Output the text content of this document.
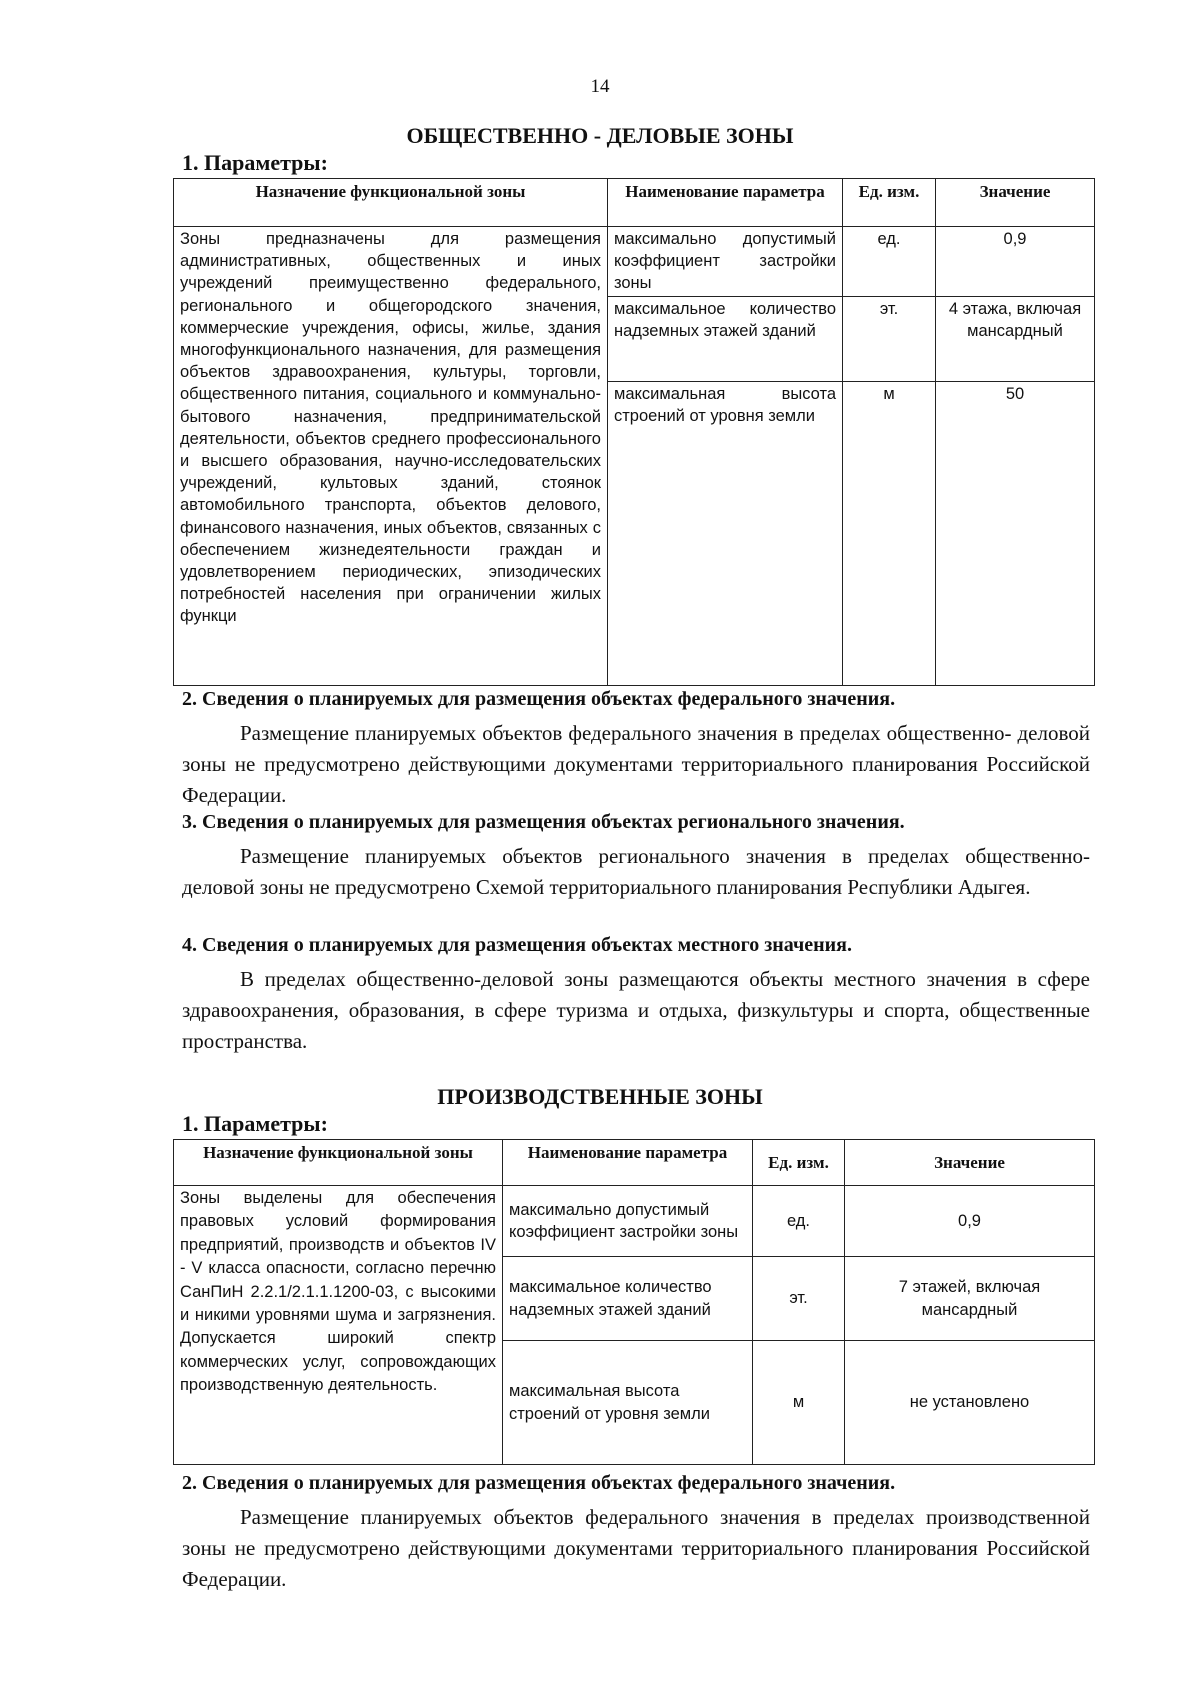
14
ОБЩЕСТВЕННО - ДЕЛОВЫЕ ЗОНЫ
1. Параметры:
Назначение функциональной зоны	Наименование параметра	Ед. изм.	Значение
Зоны предназначены для размещения административных, общественных и иных учреждений преимущественно федерального, регионального и общегородского значения, коммерческие учреждения, офисы, жилье, здания многофункционального назначения, для размещения объектов здравоохранения, культуры, торговли, общественного питания, социального и коммунально-бытового назначения, предпринимательской деятельности, объектов среднего профессионального и высшего образования, научно-исследовательских учреждений, культовых зданий, стоянок автомобильного транспорта, объектов делового, финансового назначения, иных объектов, связанных с обеспечением жизнедеятельности граждан и удовлетворением периодических, эпизодических потребностей населения при ограничении жилых функци	максимально допустимый коэффициент застройки зоны	ед.	0,9
	максимальное количество надземных этажей зданий	эт.	4 этажа, включая мансардный
	максимальная высота строений от уровня земли	м	50
2. Сведения о планируемых для размещения объектах федерального значения.
Размещение планируемых объектов федерального значения в пределах общественно- деловой зоны не предусмотрено действующими документами территориального планирования Российской Федерации.
3. Сведения о планируемых для размещения объектах регионального значения.
Размещение планируемых объектов регионального значения в пределах общественно- деловой зоны не предусмотрено Схемой территориального планирования Республики Адыгея.
4. Сведения о планируемых для размещения объектах местного значения.
В пределах общественно-деловой зоны размещаются объекты местного значения в сфере здравоохранения, образования, в сфере туризма и отдыха, физкультуры и спорта, общественные пространства.
ПРОИЗВОДСТВЕННЫЕ ЗОНЫ
1. Параметры:
Назначение функциональной зоны	Наименование параметра	Ед. изм.	Значение
Зоны выделены для обеспечения правовых условий формирования предприятий, производств и объектов IV - V класса опасности, согласно перечню СанПиН 2.2.1/2.1.1.1200-03, с высокими и никими уровнями шума и загрязнения. Допускается широкий спектр коммерческих услуг, сопровождающих производственную деятельность.	максимально допустимый коэффициент застройки зоны	ед.	0,9
	максимальное количество надземных этажей зданий	эт.	7 этажей, включая мансардный
	максимальная высота строений от уровня земли	м	не установлено
2. Сведения о планируемых для размещения объектах федерального значения.
Размещение планируемых объектов федерального значения в пределах производственной зоны не предусмотрено действующими документами территориального планирования Российской Федерации.
